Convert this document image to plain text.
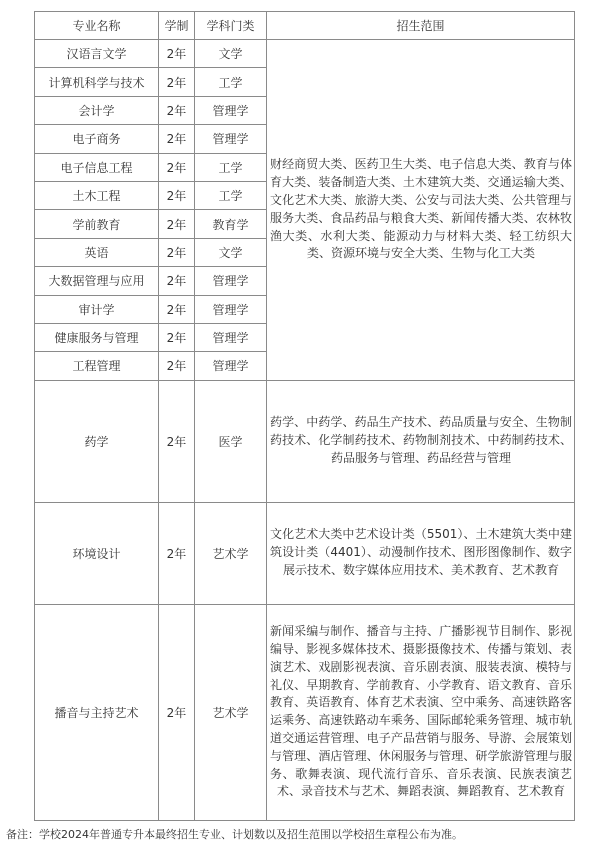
专业名称	学制	学科门类	招生范围
汉语言文学	2年	文学	财经商贸大类、医药卫生大类、电子信息大类、教育与体育大类、装备制造大类、土木建筑大类、交通运输大类、文化艺术大类、旅游大类、公安与司法大类、公共管理与服务大类、食品药品与粮食大类、新闻传播大类、农林牧渔大类、水利大类、能源动力与材料大类、轻工纺织大类、资源环境与安全大类、生物与化工大类
计算机科学与技术	2年	工学	
会计学	2年	管理学	
电子商务	2年	管理学	
电子信息工程	2年	工学	
土木工程	2年	工学	
学前教育	2年	教育学	
英语	2年	文学	
大数据管理与应用	2年	管理学	
审计学	2年	管理学	
健康服务与管理	2年	管理学	
工程管理	2年	管理学	
药学	2年	医学	药学、中药学、药品生产技术、药品质量与安全、生物制药技术、化学制药技术、药物制剂技术、中药制药技术、药品服务与管理、药品经营与管理
环境设计	2年	艺术学	文化艺术大类中艺术设计类（5501）、土木建筑大类中建筑设计类（4401）、动漫制作技术、图形图像制作、数字展示技术、数字媒体应用技术、美术教育、艺术教育
播音与主持艺术	2年	艺术学	新闻采编与制作、播音与主持、广播影视节目制作、影视编导、影视多媒体技术、摄影摄像技术、传播与策划、表演艺术、戏剧影视表演、音乐剧表演、服装表演、模特与礼仪、早期教育、学前教育、小学教育、语文教育、音乐教育、英语教育、体育艺术表演、空中乘务、高速铁路客运乘务、高速铁路动车乘务、国际邮轮乘务管理、城市轨道交通运营管理、电子产品营销与服务、导游、会展策划与管理、酒店管理、休闲服务与管理、研学旅游管理与服务、歌舞表演、现代流行音乐、音乐表演、民族表演艺术、录音技术与艺术、舞蹈表演、舞蹈教育、艺术教育
备注：学校2024年普通专升本最终招生专业、计划数以及招生范围以学校招生章程公布为准。
